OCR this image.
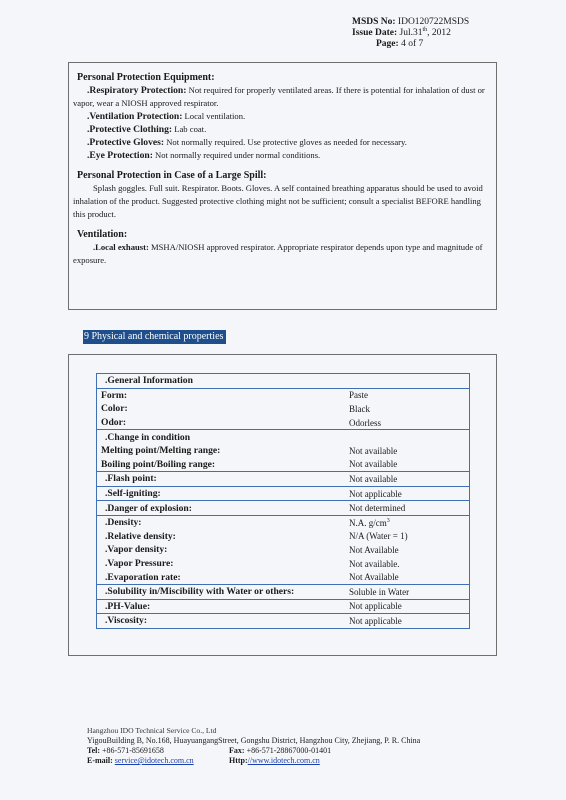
MSDS No: IDO120722MSDS
Issue Date: Jul.31th, 2012
Page: 4 of 7
Personal Protection Equipment:
.Respiratory Protection: Not required for properly ventilated areas. If there is potential for inhalation of dust or vapor, wear a NIOSH approved respirator.
.Ventilation Protection: Local ventilation.
.Protective Clothing: Lab coat.
.Protective Gloves: Not normally required. Use protective gloves as needed for necessary.
.Eye Protection: Not normally required under normal conditions.
Personal Protection in Case of a Large Spill:
Splash goggles. Full suit. Respirator. Boots. Gloves. A self contained breathing apparatus should be used to avoid inhalation of the product. Suggested protective clothing might not be sufficient; consult a specialist BEFORE handling this product.
Ventilation:
.Local exhaust: MSHA/NIOSH approved respirator. Appropriate respirator depends upon type and magnitude of exposure.
9 Physical and chemical properties
.General Information	
Form:	Paste
Color:	Black
Odor:	Odorless
.Change in condition	
Melting point/Melting range:	Not available
Boiling point/Boiling range:	Not available
.Flash point:	Not available
.Self-igniting:	Not applicable
.Danger of explosion:	Not determined
.Density:	N.A. $g/cm^3$
.Relative density:	N/A (Water = 1)
.Vapor density:	Not Available
.Vapor Pressure:	Not available.
.Evaporation rate:	Not Available
.Solubility in/Miscibility with Water or others:	Soluble in Water
.PH-Value:	Not applicable
.Viscosity:	Not applicable
Hangzhou IDO Technical Service Co., Ltd
YigouBuilding B, No.168, HuayuangangStreet, Gongshu District, Hangzhou City, Zhejiang, P. R. China
Tel: +86-571-85691658	Fax: +86-571-28867000-01401
E-mail: service@idotech.com.cn	Http://www.idotech.com.cn
